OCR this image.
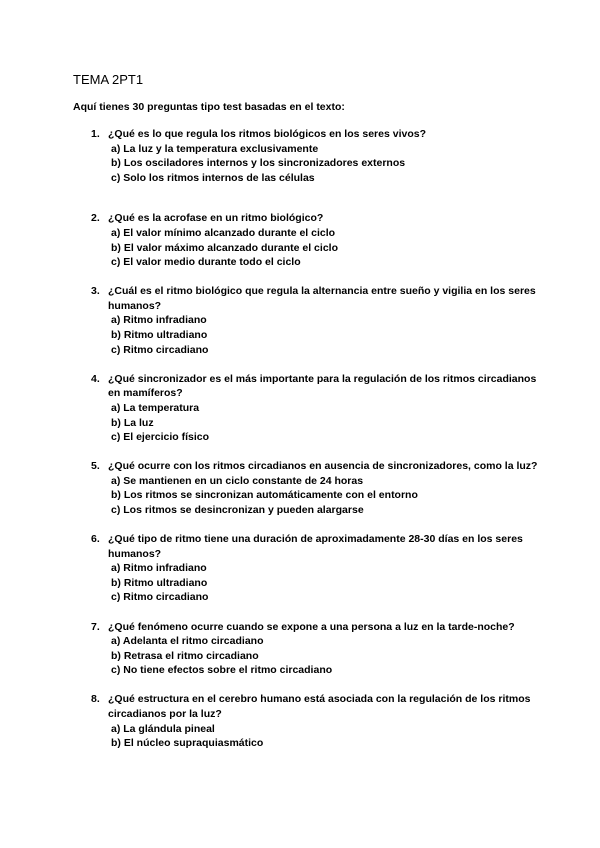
TEMA 2PT1
Aquí tienes 30 preguntas tipo test basadas en el texto:
1. ¿Qué es lo que regula los ritmos biológicos en los seres vivos?
a) La luz y la temperatura exclusivamente
b) Los osciladores internos y los sincronizadores externos
c) Solo los ritmos internos de las células
2. ¿Qué es la acrofase en un ritmo biológico?
a) El valor mínimo alcanzado durante el ciclo
b) El valor máximo alcanzado durante el ciclo
c) El valor medio durante todo el ciclo
3. ¿Cuál es el ritmo biológico que regula la alternancia entre sueño y vigilia en los seres humanos?
a) Ritmo infradiano
b) Ritmo ultradiano
c) Ritmo circadiano
4. ¿Qué sincronizador es el más importante para la regulación de los ritmos circadianos en mamíferos?
a) La temperatura
b) La luz
c) El ejercicio físico
5. ¿Qué ocurre con los ritmos circadianos en ausencia de sincronizadores, como la luz?
a) Se mantienen en un ciclo constante de 24 horas
b) Los ritmos se sincronizan automáticamente con el entorno
c) Los ritmos se desincronizan y pueden alargarse
6. ¿Qué tipo de ritmo tiene una duración de aproximadamente 28-30 días en los seres humanos?
a) Ritmo infradiano
b) Ritmo ultradiano
c) Ritmo circadiano
7. ¿Qué fenómeno ocurre cuando se expone a una persona a luz en la tarde-noche?
a) Adelanta el ritmo circadiano
b) Retrasa el ritmo circadiano
c) No tiene efectos sobre el ritmo circadiano
8. ¿Qué estructura en el cerebro humano está asociada con la regulación de los ritmos circadianos por la luz?
a) La glándula pineal
b) El núcleo supraquiasmático
